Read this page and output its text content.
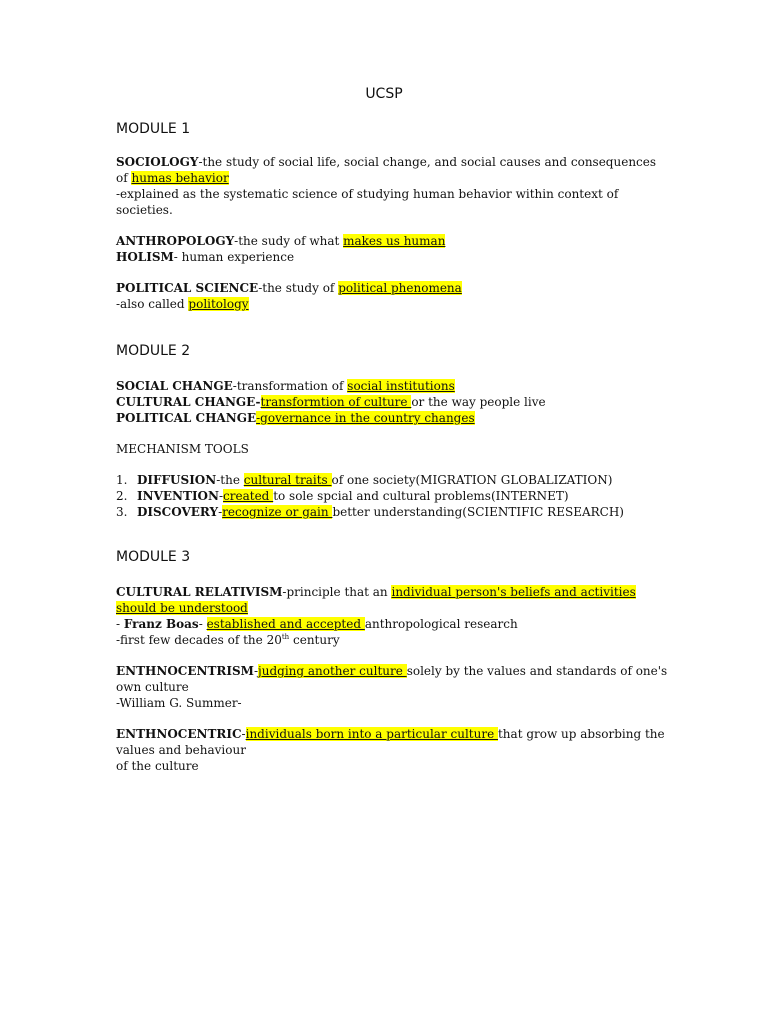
UCSP
MODULE 1
SOCIOLOGY-the study of social life, social change, and social causes and consequences
of humas behavior
-explained as the systematic science of studying human behavior within context of
societies.
ANTHROPOLOGY-the sudy of what makes us human
HOLISM- human experience
POLITICAL SCIENCE-the study of political phenomena
-also called politology
MODULE 2
SOCIAL CHANGE-transformation of social institutions
CULTURAL CHANGE-transformtion of culture or the way people live
POLITICAL CHANGE-governance in the country changes
MECHANISM TOOLS
1. DIFFUSION-the cultural traits of one society(MIGRATION GLOBALIZATION)
2. INVENTION-created to sole spcial and cultural problems(INTERNET)
3. DISCOVERY-recognize or gain better understanding(SCIENTIFIC RESEARCH)
MODULE 3
CULTURAL RELATIVISM-principle that an individual person's beliefs and activities
should be understood
- Franz Boas- established and accepted anthropological research
-first few decades of the 20th century
ENTHNOCENTRISM-judging another culture solely by the values and standards of one's
own culture
-William G. Summer-
ENTHNOCENTRIC-individuals born into a particular culture that grow up absorbing the
values and behaviour
of the culture
